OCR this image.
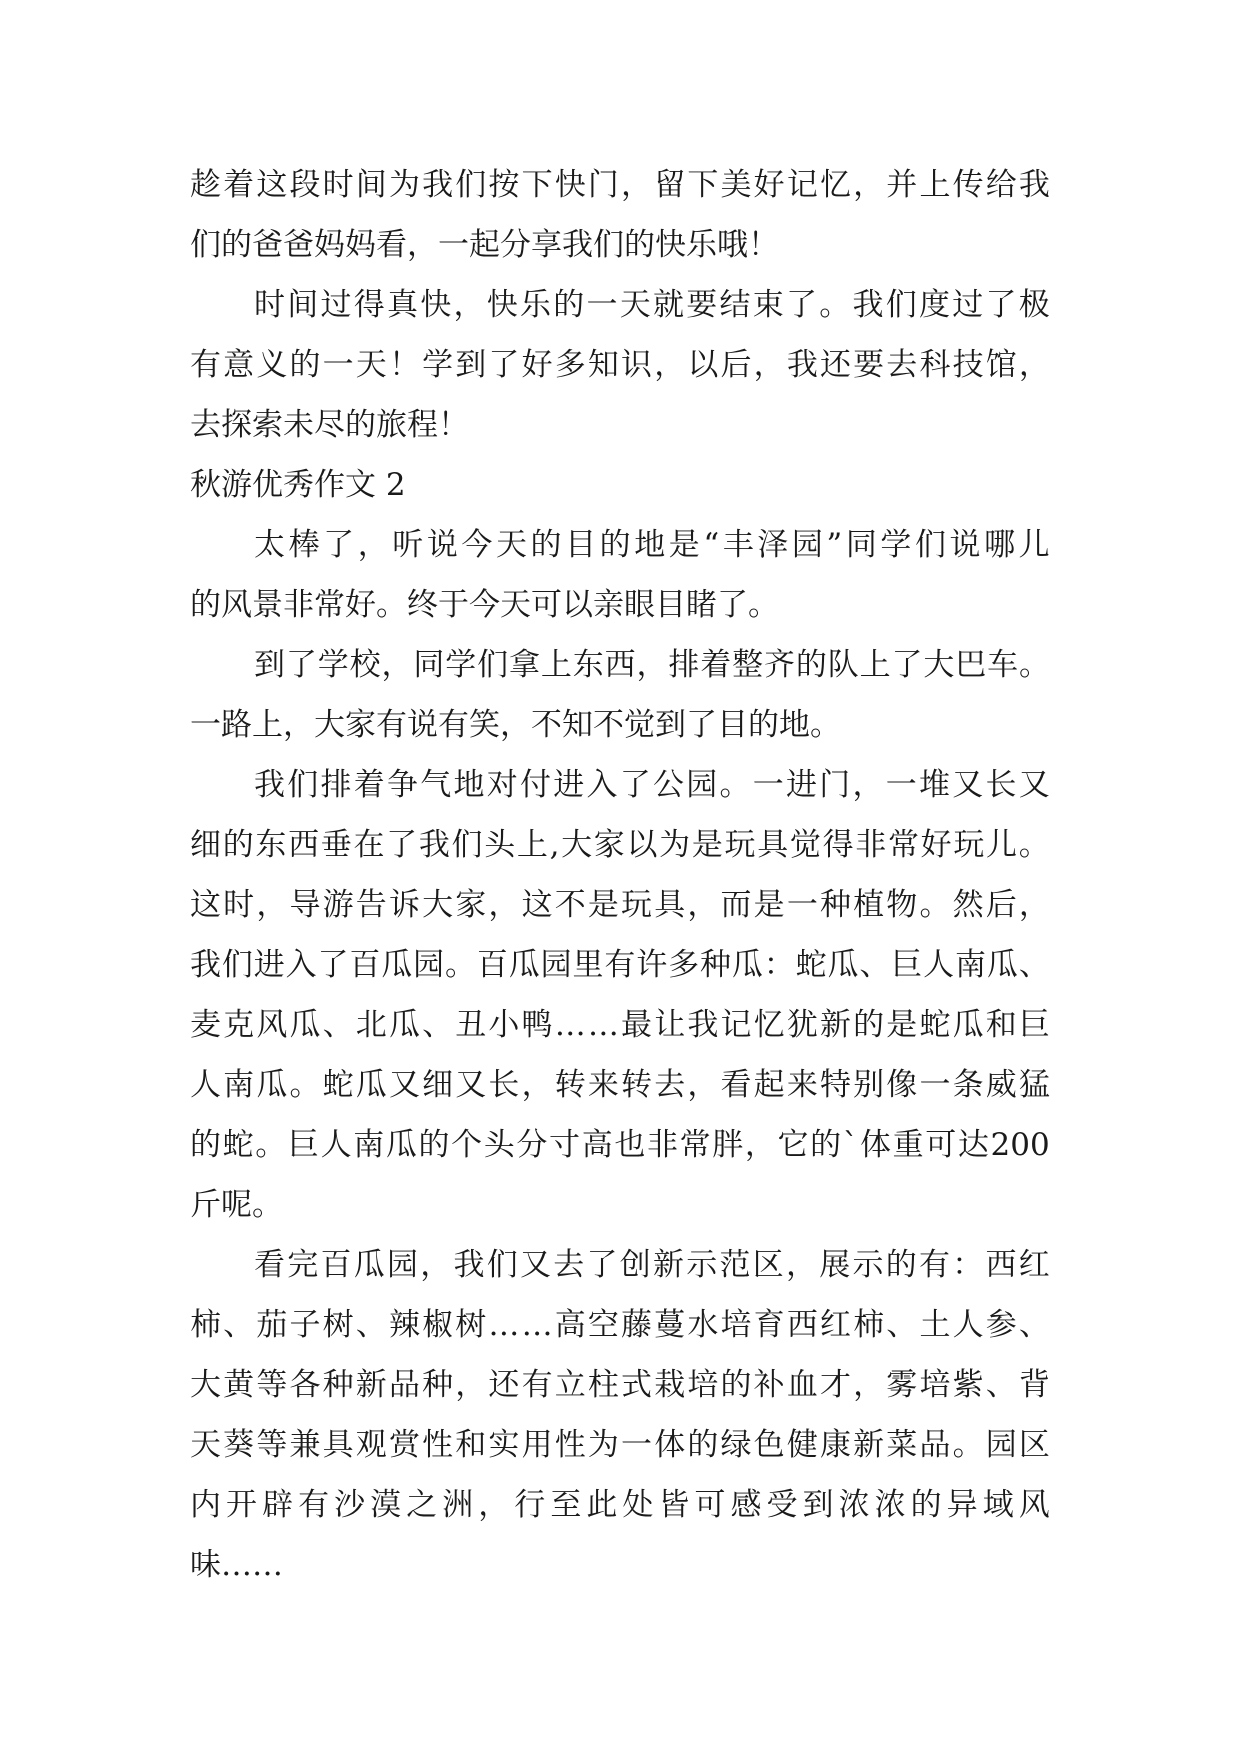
趁 着 这 段 时 间 为 我 们 按 下 快 门 ， 留 下 美 好 记 忆 ， 并 上 传 给 我
们的爸爸妈妈看，一起分享我们的快乐哦！
时 间 过 得 真 快 ， 快 乐 的 一 天 就 要 结 束 了 。 我 们 度 过 了 极
有 意 义 的 一 天 ！ 学 到 了 好 多 知 识 ， 以 后 ， 我 还 要 去 科 技 馆 ，
去探索未尽的旅程！
秋游优秀作文 2
太 棒 了 ， 听 说 今 天 的 目 的 地 是 “ 丰 泽 园 ” 同 学 们 说 哪 儿
的风景非常好。终于今天可以亲眼目睹了。
到 了 学 校 ， 同 学 们 拿 上 东 西 ， 排 着 整 齐 的 队 上 了 大 巴 车 。
一路上，大家有说有笑，不知不觉到了目的地。
我 们 排 着 争 气 地 对 付 进 入 了 公 园 。 一 进 门 ， 一 堆 又 长 又
细 的 东 西 垂 在 了 我 们 头 上 , 大 家 以 为 是 玩 具 觉 得 非 常 好 玩 儿 。
这 时 ， 导 游 告 诉 大 家 ， 这 不 是 玩 具 ， 而 是 一 种 植 物 。 然 后 ，
我 们 进 入 了 百 瓜 园 。 百 瓜 园 里 有 许 多 种 瓜 ： 蛇 瓜 、 巨 人 南 瓜 、
麦 克 风 瓜 、 北 瓜 、 丑 小 鸭 … … 最 让 我 记 忆 犹 新 的 是 蛇 瓜 和 巨
人 南 瓜 。 蛇 瓜 又 细 又 长 ， 转 来 转 去 ， 看 起 来 特 别 像 一 条 威 猛
的 蛇 。 巨 人 南 瓜 的 个 头 分 寸 高 也 非 常 胖 ， 它 的 ` 体 重 可 达 200
斤呢。
看 完 百 瓜 园 ， 我 们 又 去 了 创 新 示 范 区 ， 展 示 的 有 ： 西 红
柿 、 茄 子 树 、 辣 椒 树 … … 高 空 藤 蔓 水 培 育 西 红 柿 、 土 人 参 、
大 黄 等 各 种 新 品 种 ， 还 有 立 柱 式 栽 培 的 补 血 才 ， 雾 培 紫 、 背
天 葵 等 兼 具 观 赏 性 和 实 用 性 为 一 体 的 绿 色 健 康 新 菜 品 。 园 区
内 开 辟 有 沙 漠 之 洲 ， 行 至 此 处 皆 可 感 受 到 浓 浓 的 异 域 风
味……
